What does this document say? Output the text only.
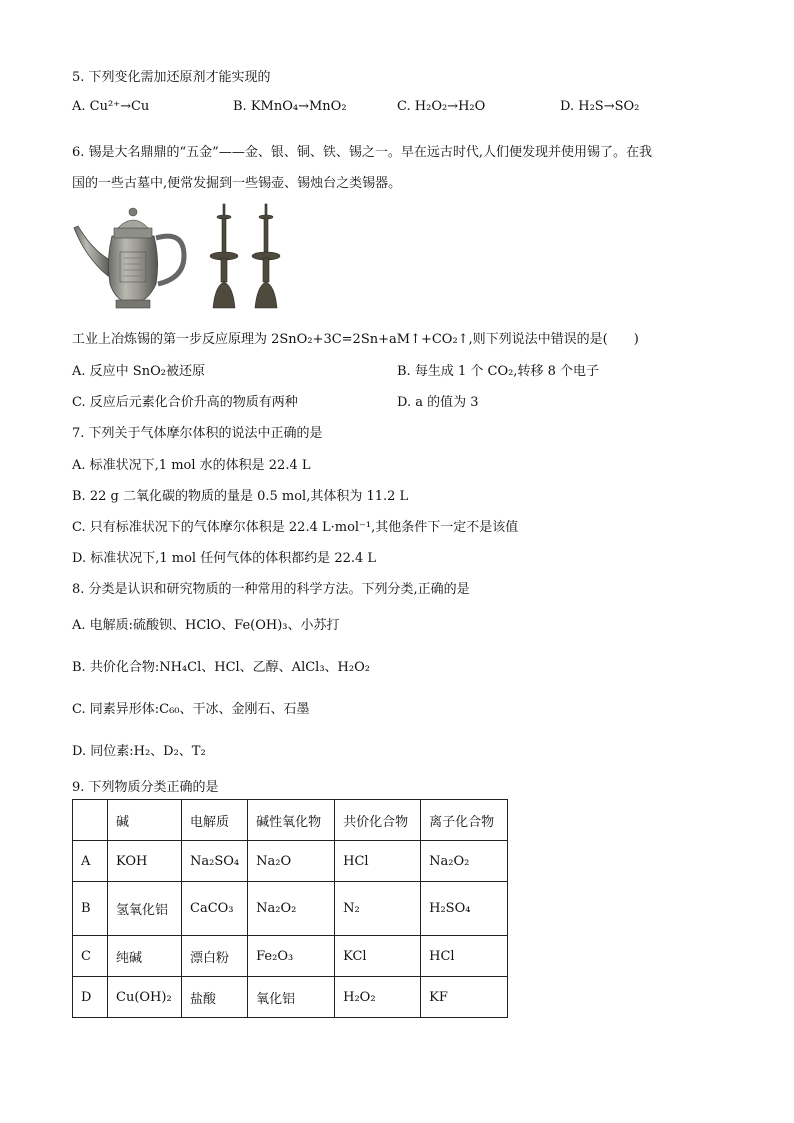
5. 下列变化需加还原剂才能实现的
A. Cu²⁺→Cu	B. KMnO₄→MnO₂	C. H₂O₂→H₂O	D. H₂S→SO₂
6. 锡是大名鼎鼎的“五金”——金、银、铜、铁、锡之一。早在远古时代,人们便发现并使用锡了。在我
国的一些古墓中,便常发掘到一些锡壶、锡烛台之类锡器。
工业上冶炼锡的第一步反应原理为 2SnO₂+3C=2Sn+aM↑+CO₂↑,则下列说法中错误的是(　　)
A. 反应中 SnO₂被还原	B. 每生成 1 个 CO₂,转移 8 个电子
C. 反应后元素化合价升高的物质有两种	D. a 的值为 3
7. 下列关于气体摩尔体积的说法中正确的是
A. 标准状况下,1 mol 水的体积是 22.4 L
B. 22 g 二氧化碳的物质的量是 0.5 mol,其体积为 11.2 L
C. 只有标准状况下的气体摩尔体积是 22.4 L·mol⁻¹,其他条件下一定不是该值
D. 标准状况下,1 mol 任何气体的体积都约是 22.4 L
8. 分类是认识和研究物质的一种常用的科学方法。下列分类,正确的是
A. 电解质:硫酸钡、HClO、Fe(OH)₃、小苏打
B. 共价化合物:NH₄Cl、HCl、乙醇、AlCl₃、H₂O₂
C. 同素异形体:C₆₀、干冰、金刚石、石墨
D. 同位素:H₂、D₂、T₂
9. 下列物质分类正确的是
	碱	电解质	碱性氧化物	共价化合物	离子化合物
A	KOH	Na₂SO₄	Na₂O	HCl	Na₂O₂
B	氢氧化铝	CaCO₃	Na₂O₂	N₂	H₂SO₄
C	纯碱	漂白粉	Fe₂O₃	KCl	HCl
D	Cu(OH)₂	盐酸	氧化铝	H₂O₂	KF
